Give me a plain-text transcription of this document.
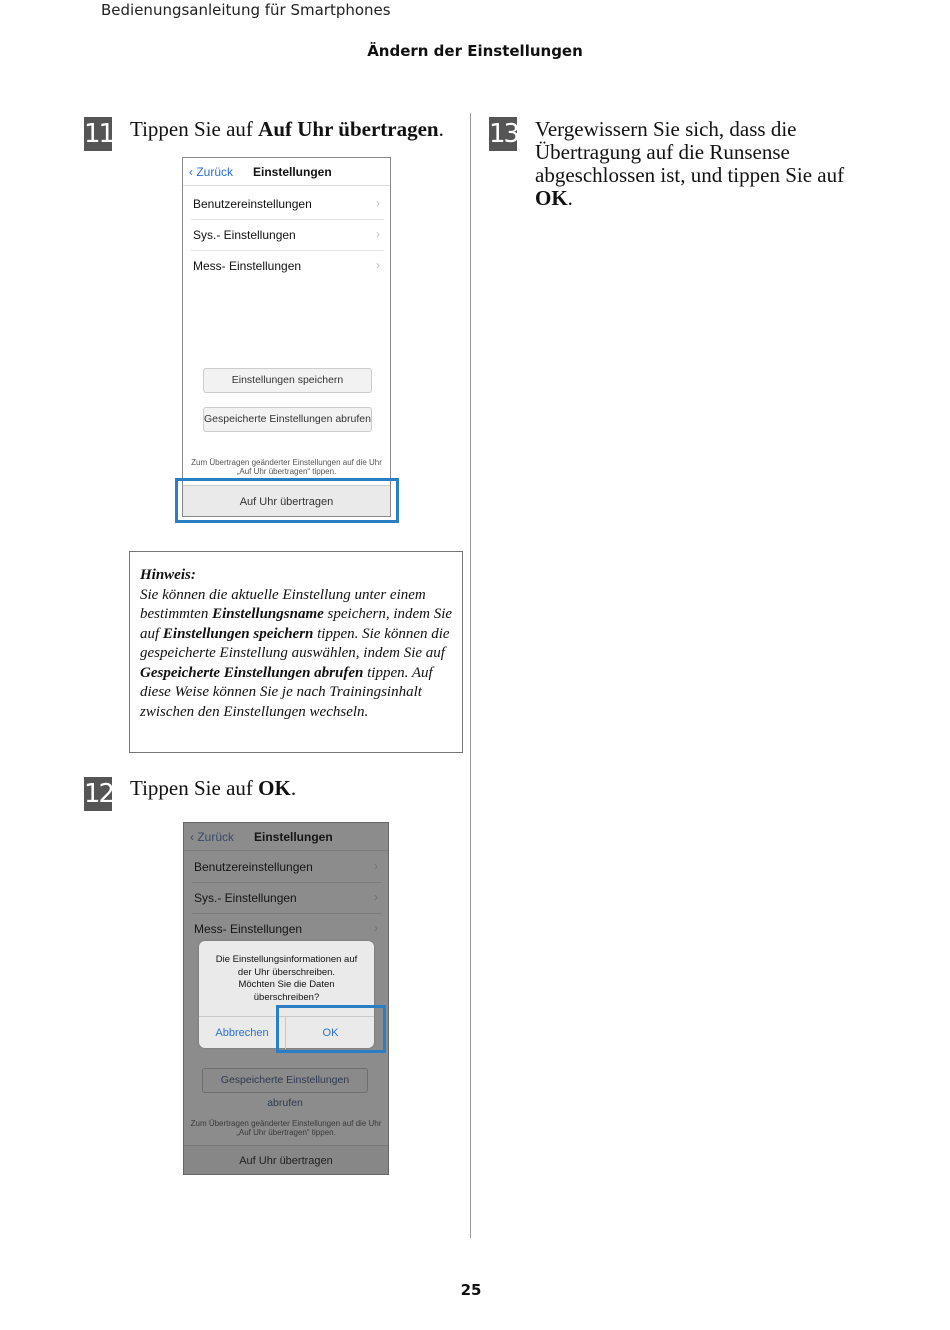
Bedienungsanleitung für Smartphones
Ändern der Einstellungen
11 Tippen Sie auf Auf Uhr übertragen.
‹ Zurück Einstellungen
Benutzereinstellungen	›
Sys.- Einstellungen	›
Mess- Einstellungen	›
Einstellungen speichern
Gespeicherte Einstellungen abrufen
Zum Übertragen geänderter Einstellungen auf die Uhr
„Auf Uhr übertragen“ tippen.
Auf Uhr übertragen
Hinweis:
Sie können die aktuelle Einstellung unter einem bestimmten Einstellungsname speichern, indem Sie auf Einstellungen speichern tippen. Sie können die gespeicherte Einstellung auswählen, indem Sie auf Gespeicherte Einstellungen abrufen tippen. Auf diese Weise können Sie je nach Trainingsinhalt zwischen den Einstellungen wechseln.
12 Tippen Sie auf OK.
‹ Zurück Einstellungen
Benutzereinstellungen	›
Sys.- Einstellungen	›
Mess- Einstellungen	›
Gespeicherte Einstellungen abrufen
Zum Übertragen geänderter Einstellungen auf die Uhr
„Auf Uhr übertragen“ tippen.
Auf Uhr übertragen
Die Einstellungsinformationen auf
der Uhr überschreiben.
Möchten Sie die Daten
überschreiben?
Abbrechen	OK
13 Vergewissern Sie sich, dass die
Übertragung auf die Runsense
abgeschlossen ist, und tippen Sie auf
OK.
25
